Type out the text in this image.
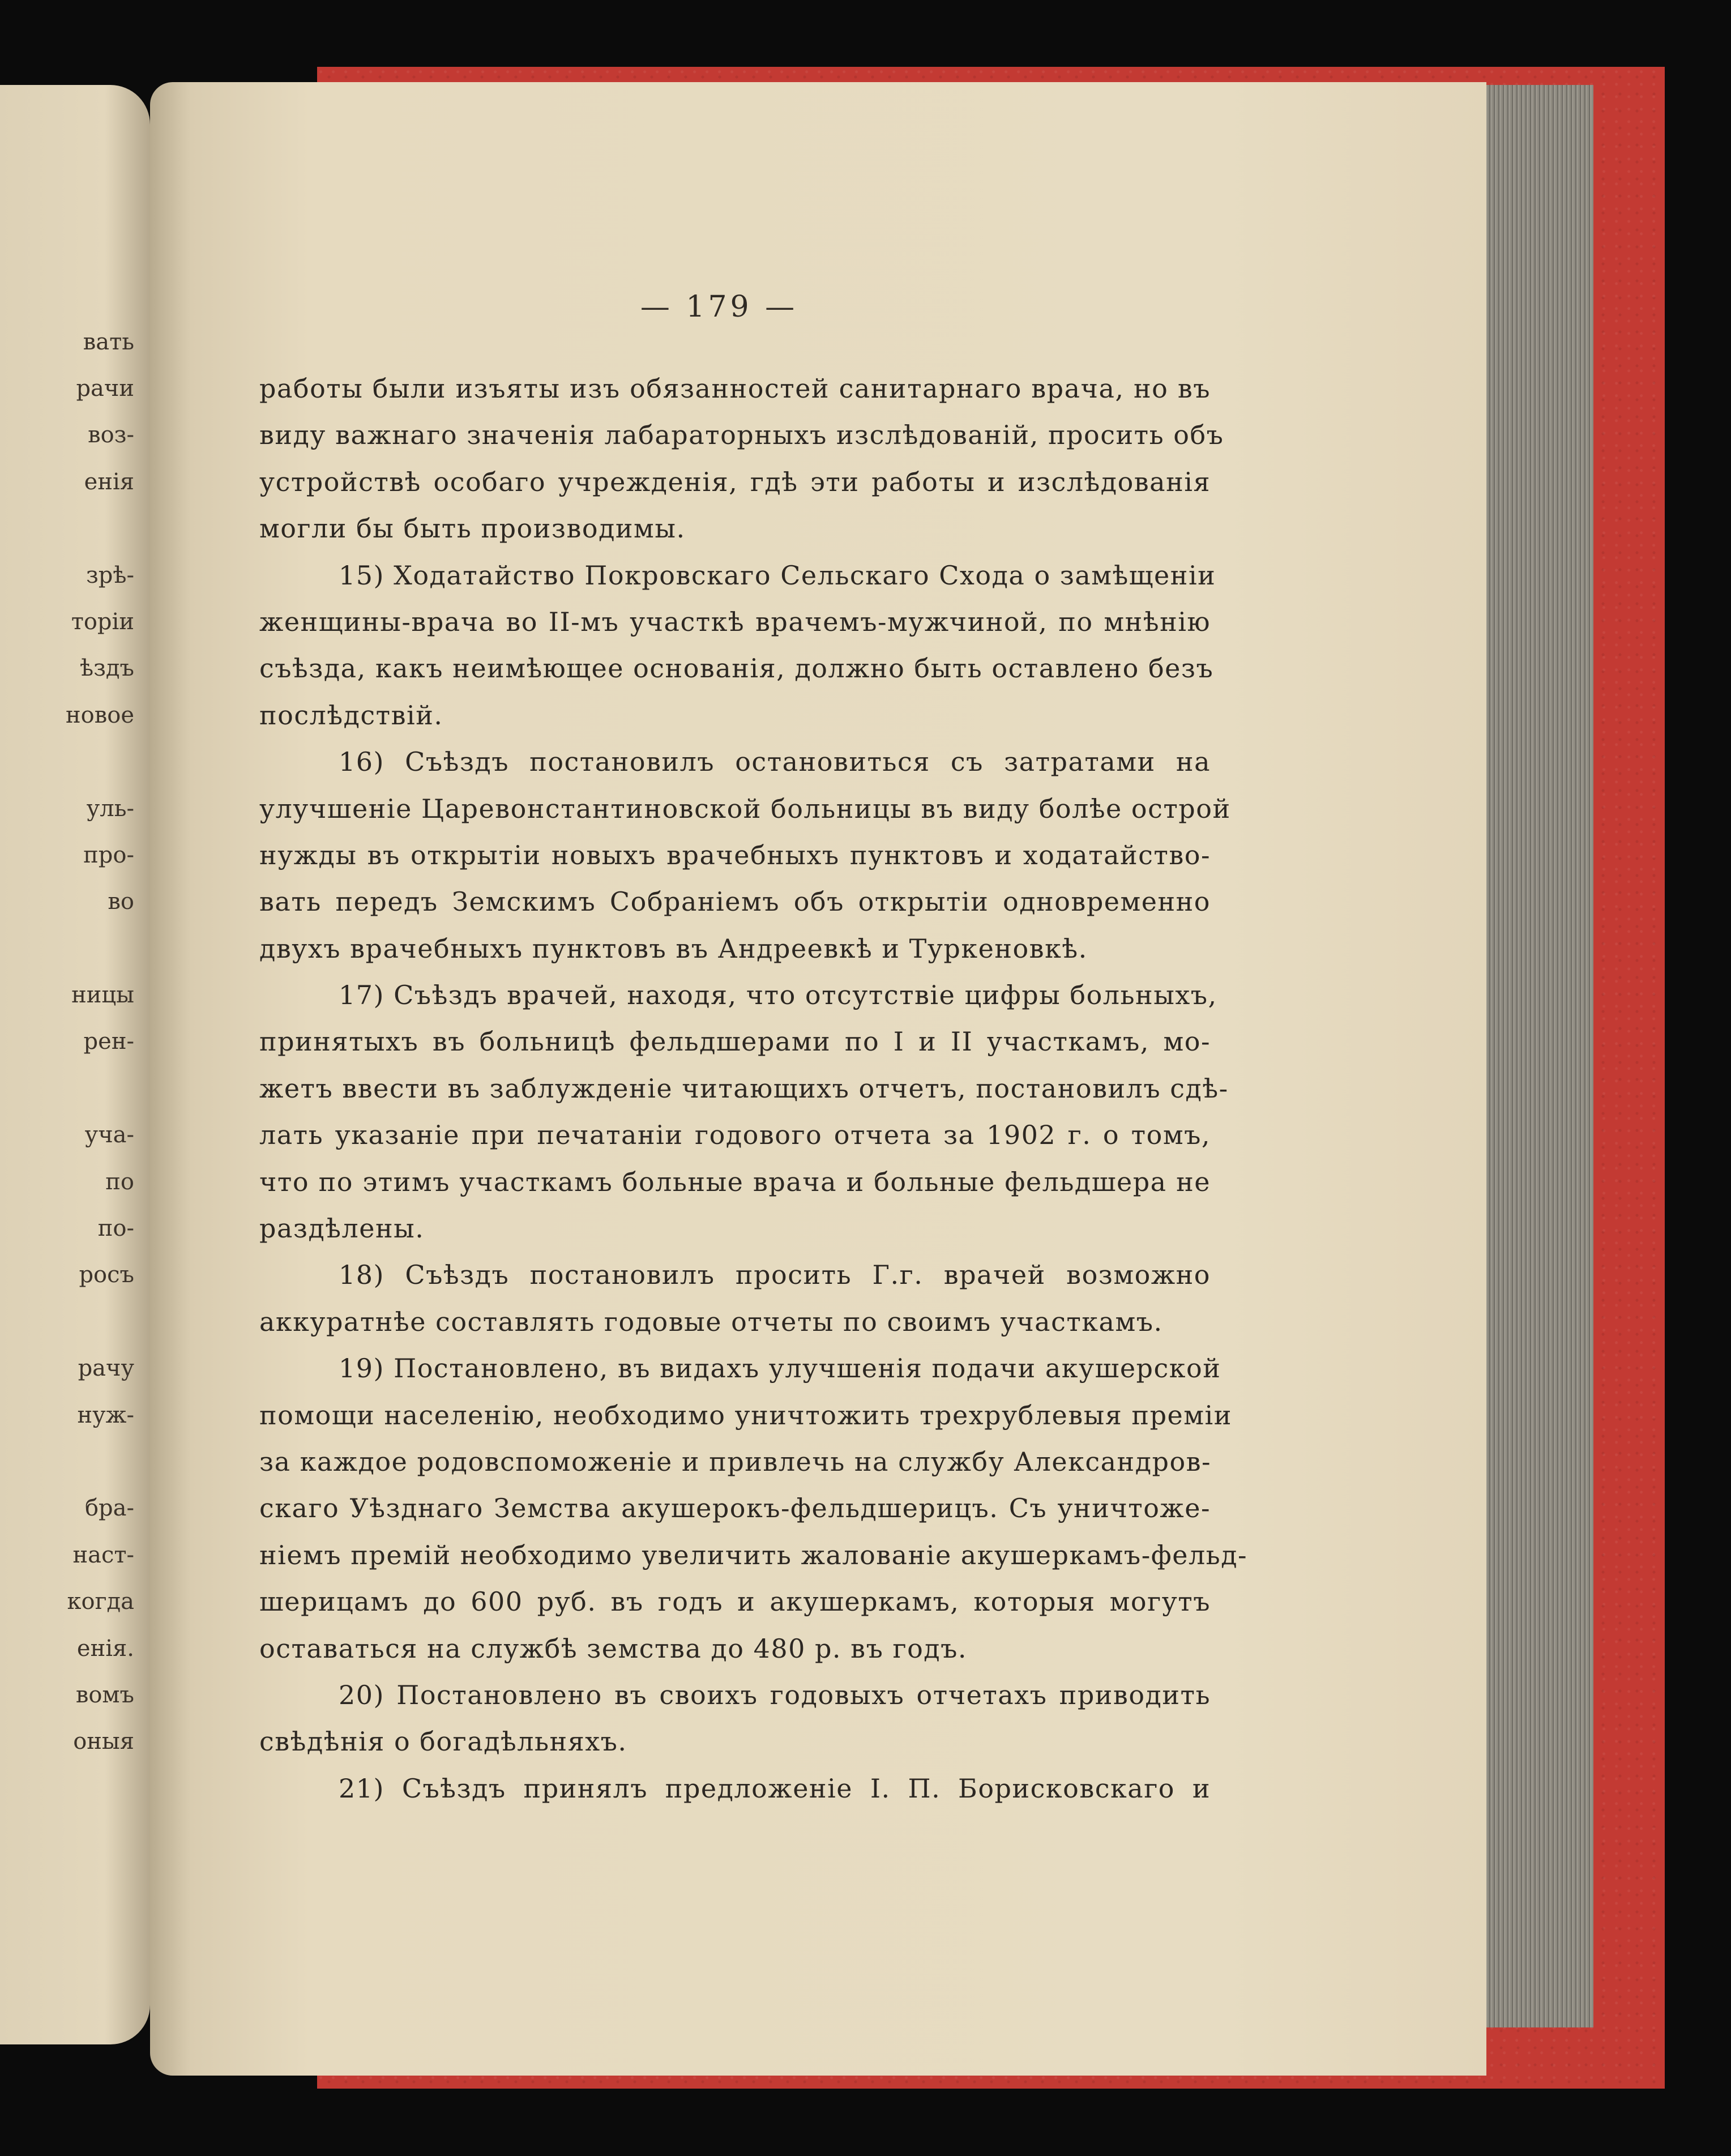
вать
рачи
воз-
енія
зрѣ-
торіи
ѣздъ
новое
уль-
про-
во
ницы
рен-
уча-
по
по-
росъ
рачу
нуж-
бра-
наст-
когда
енія.
вомъ
оныя
— 179 —
работы были изъяты изъ обязанностей санитарнаго врача, но въ
виду важнаго значенія лабараторныхъ изслѣдованій, просить объ
устройствѣ особаго учрежденія, гдѣ эти работы и изслѣдованія
могли бы быть производимы.
15) Ходатайство Покровскаго Сельскаго Схода о замѣщеніи
женщины-врача во II-мъ участкѣ врачемъ-мужчиной, по мнѣнію
съѣзда, какъ неимѣющее основанія, должно быть оставлено безъ
послѣдствій.
16) Съѣздъ постановилъ остановиться съ затратами на
улучшеніе Царевонстантиновской больницы въ виду болѣе острой
нужды въ открытіи новыхъ врачебныхъ пунктовъ и ходатайство-
вать передъ Земскимъ Собраніемъ объ открытіи одновременно
двухъ врачебныхъ пунктовъ въ Андреевкѣ и Туркеновкѣ.
17) Съѣздъ врачей, находя, что отсутствіе цифры больныхъ,
принятыхъ въ больницѣ фельдшерами по I и II участкамъ, мо-
жетъ ввести въ заблужденіе читающихъ отчетъ, постановилъ сдѣ-
лать указаніе при печатаніи годового отчета за 1902 г. о томъ,
что по этимъ участкамъ больные врача и больные фельдшера не
раздѣлены.
18) Съѣздъ постановилъ просить Г.г. врачей возможно
аккуратнѣе составлять годовые отчеты по своимъ участкамъ.
19) Постановлено, въ видахъ улучшенія подачи акушерской
помощи населенію, необходимо уничтожить трехрублевыя преміи
за каждое родовспоможеніе и привлечь на службу Александров-
скаго Уѣзднаго Земства акушерокъ-фельдшерицъ. Съ уничтоже-
ніемъ премій необходимо увеличить жалованіе акушеркамъ-фельд-
шерицамъ до 600 руб. въ годъ и акушеркамъ, которыя могутъ
оставаться на службѣ земства до 480 р. въ годъ.
20) Постановлено въ своихъ годовыхъ отчетахъ приводить
свѣдѣнія о богадѣльняхъ.
21) Съѣздъ принялъ предложеніе І. П. Борисковскаго и
